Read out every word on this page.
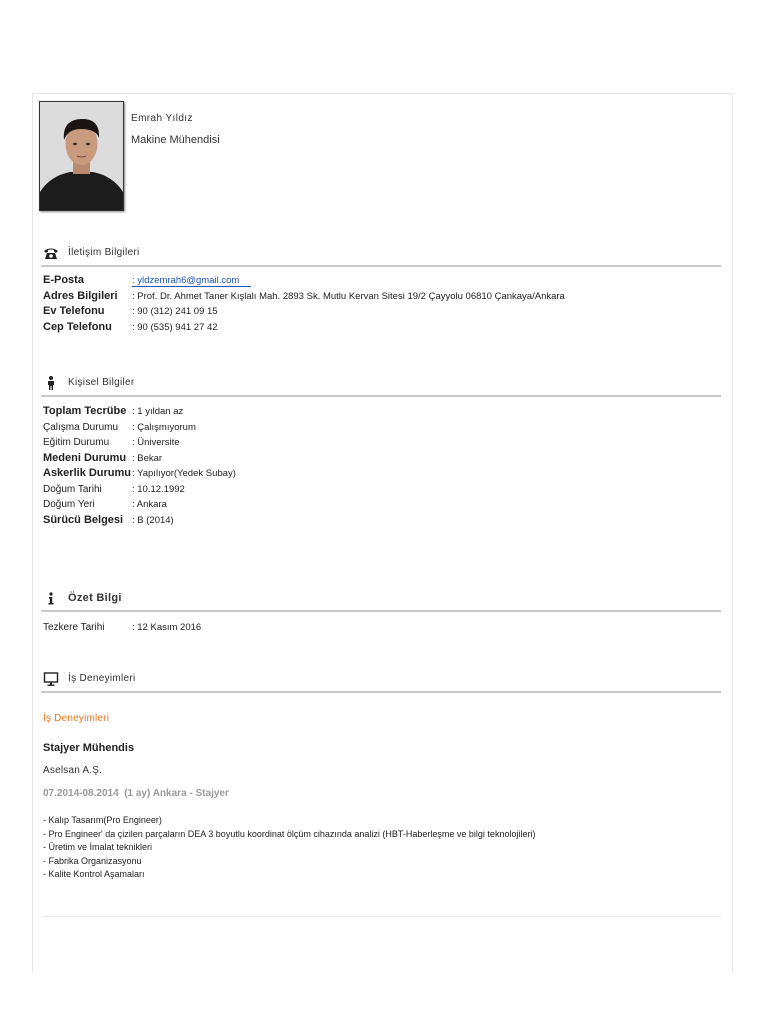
Emrah Yıldız
Makine Mühendisi
İletişim Bilgileri
E-Posta	: yldzemrah6@gmail.com
Adres Bilgileri : Prof. Dr. Ahmet Taner Kışlalı Mah. 2893 Sk. Mutlu Kervan Sitesi 19/2 Çayyolu 06810 Çankaya/Ankara
Ev Telefonu	: 90 (312) 241 09 15
Cep Telefonu : 90 (535) 941 27 42
Kişisel Bilgiler
Toplam Tecrübe : 1 yıldan az
Çalışma Durumu : Çalışmıyorum
Eğitim Durumu : Üniversite
Medeni Durumu : Bekar
Askerlik Durumu : Yapılıyor(Yedek Subay)
Doğum Tarihi	: 10.12.1992
Doğum Yeri	: Ankara
Sürücü Belgesi : B (2014)
Özet Bilgi
Tezkere Tarihi	: 12 Kasım 2016
İş Deneyimleri
İş Deneyimleri
Stajyer Mühendis
Aselsan A.Ş.
07.2014-08.2014 (1 ay) Ankara - Stajyer
- Kalıp Tasarım(Pro Engineer)
- Pro Engineer' da çizilen parçaların DEA 3 boyutlu koordinat ölçüm cihazında analizi (HBT-Haberleşme ve bilgi teknolojileri)
- Üretim ve İmalat teknikleri
- Fabrika Organizasyonu
- Kalite Kontrol Aşamaları
